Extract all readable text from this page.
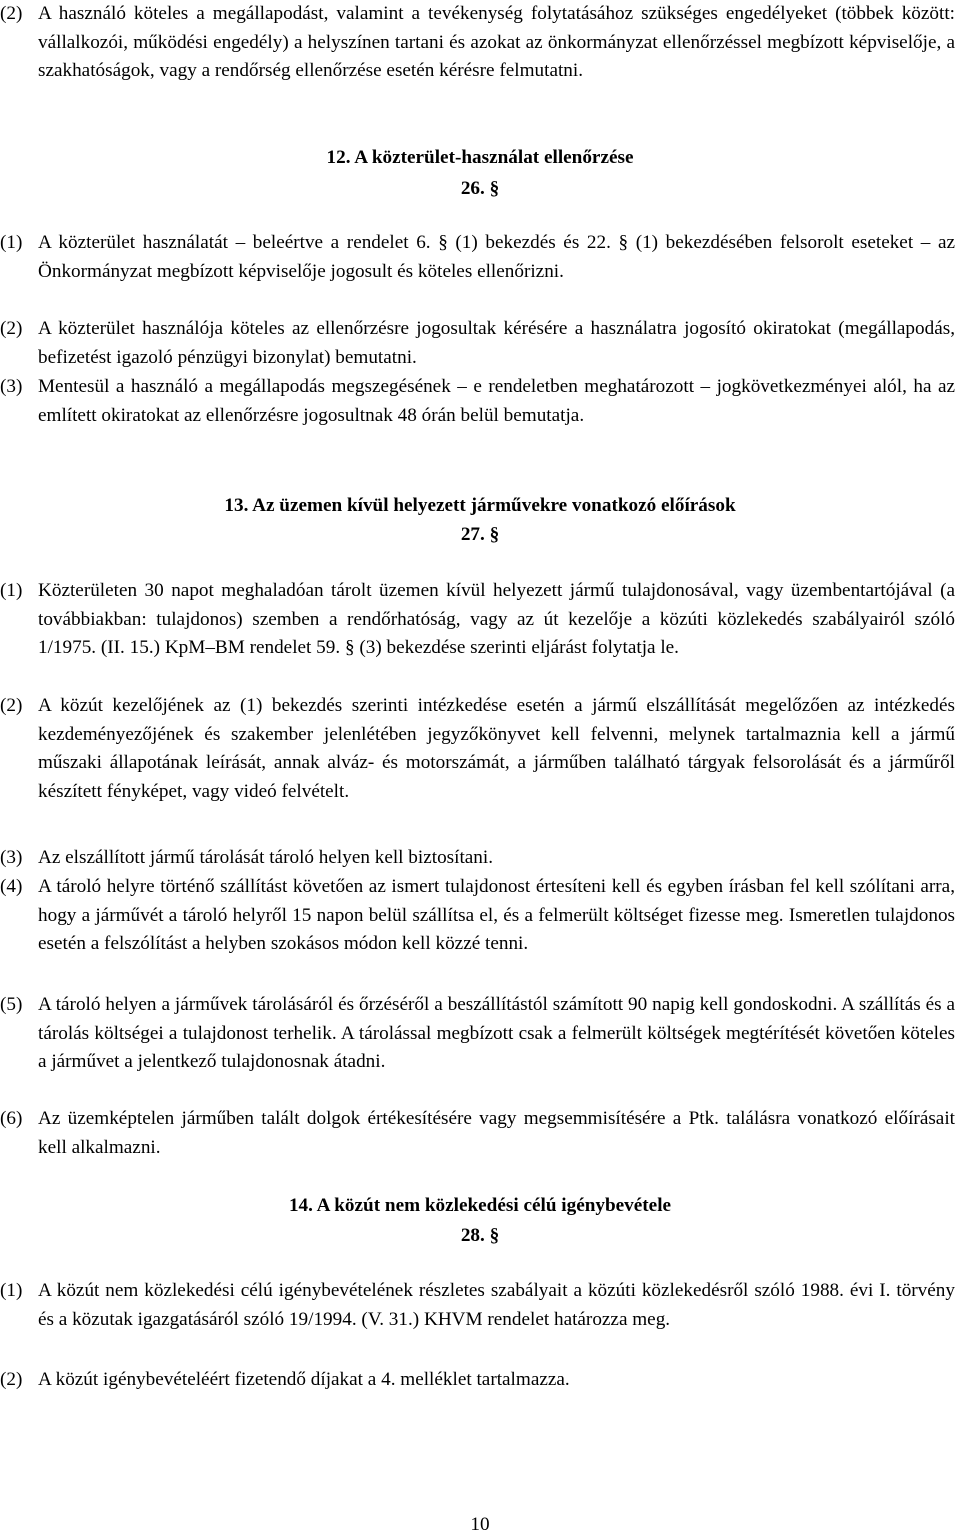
(2) A használó köteles a megállapodást, valamint a tevékenység folytatásához szükséges engedélyeket (többek között: vállalkozói, működési engedély) a helyszínen tartani és azokat az önkormányzat ellenőrzéssel megbízott képviselője, a szakhatóságok, vagy a rendőrség ellenőrzése esetén kérésre felmutatni.
12. A közterület-használat ellenőrzése
26. §
(1) A közterület használatát – beleértve a rendelet 6. § (1) bekezdés és 22. § (1) bekezdésében felsorolt eseteket – az Önkormányzat megbízott képviselője jogosult és köteles ellenőrizni.
(2) A közterület használója köteles az ellenőrzésre jogosultak kérésére a használatra jogosító okiratokat (megállapodás, befizetést igazoló pénzügyi bizonylat) bemutatni.
(3) Mentesül a használó a megállapodás megszegésének – e rendeletben meghatározott – jogkövetkezményei alól, ha az említett okiratokat az ellenőrzésre jogosultnak 48 órán belül bemutatja.
13. Az üzemen kívül helyezett járművekre vonatkozó előírások
27. §
(1) Közterületen 30 napot meghaladóan tárolt üzemen kívül helyezett jármű tulajdonosával, vagy üzembentartójával (a továbbiakban: tulajdonos) szemben a rendőrhatóság, vagy az út kezelője a közúti közlekedés szabályairól szóló 1/1975. (II. 15.) KpM–BM rendelet 59. § (3) bekezdése szerinti eljárást folytatja le.
(2) A közút kezelőjének az (1) bekezdés szerinti intézkedése esetén a jármű elszállítását megelőzően az intézkedés kezdeményezőjének és szakember jelenlétében jegyzőkönyvet kell felvenni, melynek tartalmaznia kell a jármű műszaki állapotának leírását, annak alváz- és motorszámát, a járműben található tárgyak felsorolását és a járműről készített fényképet, vagy videó felvételt.
(3) Az elszállított jármű tárolását tároló helyen kell biztosítani.
(4) A tároló helyre történő szállítást követően az ismert tulajdonost értesíteni kell és egyben írásban fel kell szólítani arra, hogy a járművét a tároló helyről 15 napon belül szállítsa el, és a felmerült költséget fizesse meg. Ismeretlen tulajdonos esetén a felszólítást a helyben szokásos módon kell közzé tenni.
(5) A tároló helyen a járművek tárolásáról és őrzéséről a beszállítástól számított 90 napig kell gondoskodni. A szállítás és a tárolás költségei a tulajdonost terhelik. A tárolással megbízott csak a felmerült költségek megtérítését követően köteles a járművet a jelentkező tulajdonosnak átadni.
(6) Az üzemképtelen járműben talált dolgok értékesítésére vagy megsemmisítésére a Ptk. találásra vonatkozó előírásait kell alkalmazni.
14. A közút nem közlekedési célú igénybevétele
28. §
(1) A közút nem közlekedési célú igénybevételének részletes szabályait a közúti közlekedésről szóló 1988. évi I. törvény és a közutak igazgatásáról szóló 19/1994. (V. 31.) KHVM rendelet határozza meg.
(2) A közút igénybevételéért fizetendő díjakat a 4. melléklet tartalmazza.
10
